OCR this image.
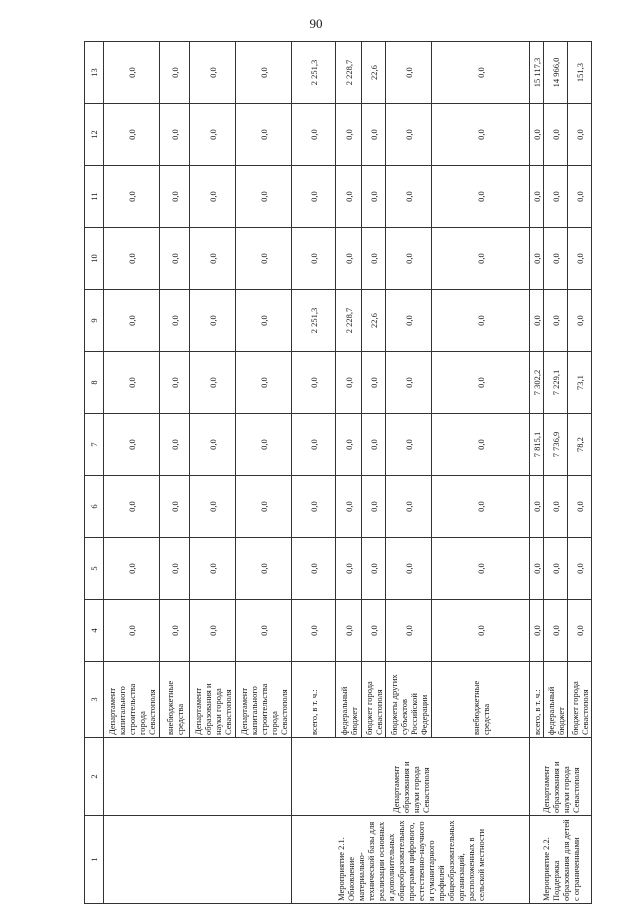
90
1	2	3	4	5	6	7	8	9	10	11	12	13
		Департамент капитального строительства города Севастополя	0,0	0,0	0,0	0,0	0,0	0,0	0,0	0,0	0,0	0,0
		внебюджетные средства	0,0	0,0	0,0	0,0	0,0	0,0	0,0	0,0	0,0	0,0
		Департамент образования и науки города Севастополя	0,0	0,0	0,0	0,0	0,0	0,0	0,0	0,0	0,0	0,0
		Департамент капитального строительства города Севастополя	0,0	0,0	0,0	0,0	0,0	0,0	0,0	0,0	0,0	0,0
Мероприятие 2.1. Обновление материально-технической базы для реализации основных и дополнительных общеобразовательных программ цифрового, естественно-научного и гуманитарного профилей общеобразовательных организаций, расположенных в сельской местности	Департамент образования и науки города Севастополя	всего, в т. ч.:	0,0	0,0	0,0	0,0	0,0	2 251,3	0,0	0,0	0,0	2 251,3
		федеральный бюджет	0,0	0,0	0,0	0,0	0,0	2 228,7	0,0	0,0	0,0	2 228,7
		бюджет города Севастополя	0,0	0,0	0,0	0,0	0,0	22,6	0,0	0,0	0,0	22,6
		бюджеты других субъектов Российской Федерации	0,0	0,0	0,0	0,0	0,0	0,0	0,0	0,0	0,0	0,0
		внебюджетные средства	0,0	0,0	0,0	0,0	0,0	0,0	0,0	0,0	0,0	0,0
Мероприятие 2.2. Поддержка образования для детей с ограниченными	Департамент образования и науки города Севастополя	всего, в т. ч.:	0,0	0,0	0,0	7 815,1	7 302,2	0,0	0,0	0,0	0,0	15 117,3
		федеральный бюджет	0,0	0,0	0,0	7 736,9	7 229,1	0,0	0,0	0,0	0,0	14 966,0
		бюджет города Севастополя	0,0	0,0	0,0	78,2	73,1	0,0	0,0	0,0	0,0	151,3
